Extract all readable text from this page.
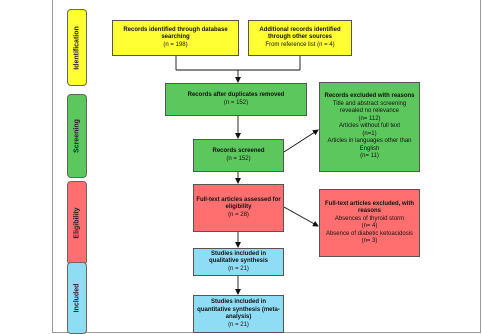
Identification
Screening
Eligibility
Included
Records identified through database searching
(n = 198)
Additional records identified through other sources
From reference list (n = 4)
Records after duplicates removed
(n = 152)
Records screened
(n = 152)
Records excluded with reasons
Title and abstract screening revealed no relevance
(n= 112)
Articles without full text
(n=1)
Articles in languages other than English
(n= 11)
Full-text articles assessed for eligibility
(n = 28)
Full-text articles excluded, with reasons
Absences of thyroid storm
(n= 4)
Absence of diabetic ketoacidosis
(n= 3)
Studies included in qualitative synthesis
(n = 21)
Studies included in quantitative synthesis (meta-analysis)
(n = 21)
